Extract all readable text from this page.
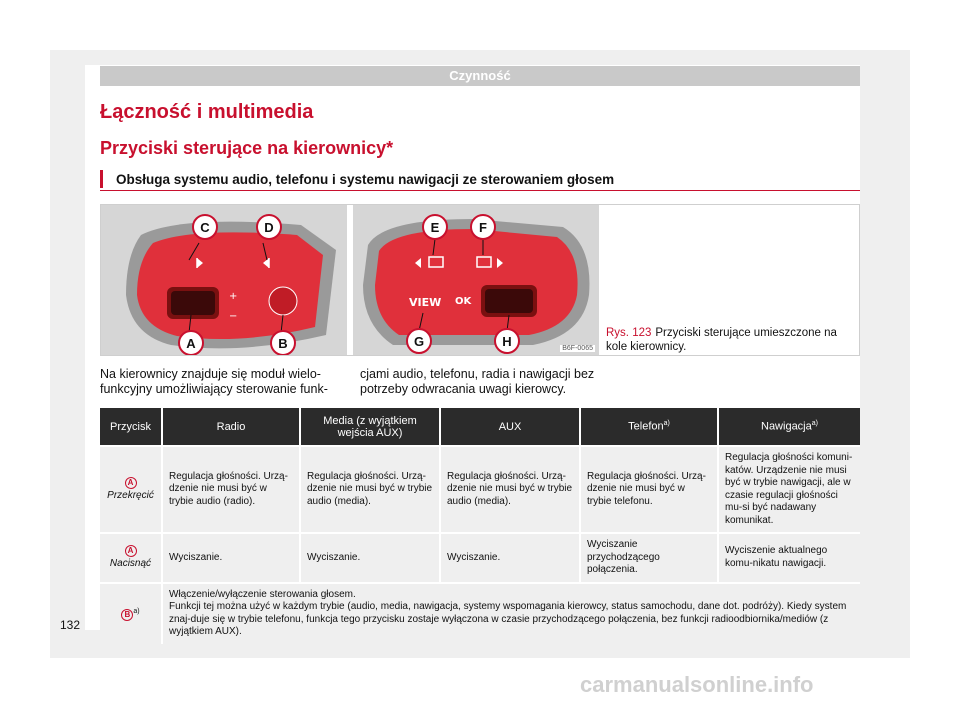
Czynność
Łączność i multimedia
Przyciski sterujące na kierownicy*
Obsługa systemu audio, telefonu i systemu nawigacji ze sterowaniem głosem
+
−
C	D
A	B
VIEW OK
E	F
G	H	B6F-0065
Rys. 123 Przyciski sterujące umieszczone na kole kierownicy.
Na kierownicy znajduje się moduł wielo-funkcyjny umożliwiający sterowanie funk-
cjami audio, telefonu, radia i nawigacji bez potrzeby odwracania uwagi kierowcy.
Przycisk	Radio	Media (z wyjątkiem wejścia AUX)	AUX	Telefon$^{a)}$	Nawigacja$^{a)}$

A
Przekręcić	Regulacja głośności. Urzą-dzenie nie musi być w trybie audio (radio).	Regulacja głośności. Urzą-dzenie nie musi być w trybie audio (media).	Regulacja głośności. Urzą-dzenie nie musi być w trybie audio (media).	Regulacja głośności. Urzą-dzenie nie musi być w trybie telefonu.	Regulacja głośności komuni-katów. Urządzenie nie musi być w trybie nawigacji, ale w czasie regulacji głośności mu-si być nadawany komunikat.

A
Nacisnąć	Wyciszanie.	Wyciszanie.	Wyciszanie.	Wyciszanie przychodzącego połączenia.	Wyciszenie aktualnego komu-nikatu nawigacji.
B $^{a)}$	Włączenie/wyłączenie sterowania głosem.
Funkcji tej można użyć w każdym trybie (audio, media, nawigacja, systemy wspomagania kierowcy, status samochodu, dane dot. podróży). Kiedy system znaj-duje się w trybie telefonu, funkcja tego przycisku zostaje wyłączona w czasie przychodzącego połączenia, bez funkcji radioodbiornika/mediów (z wyjątkiem AUX).				
132
carmanualsonline.info
